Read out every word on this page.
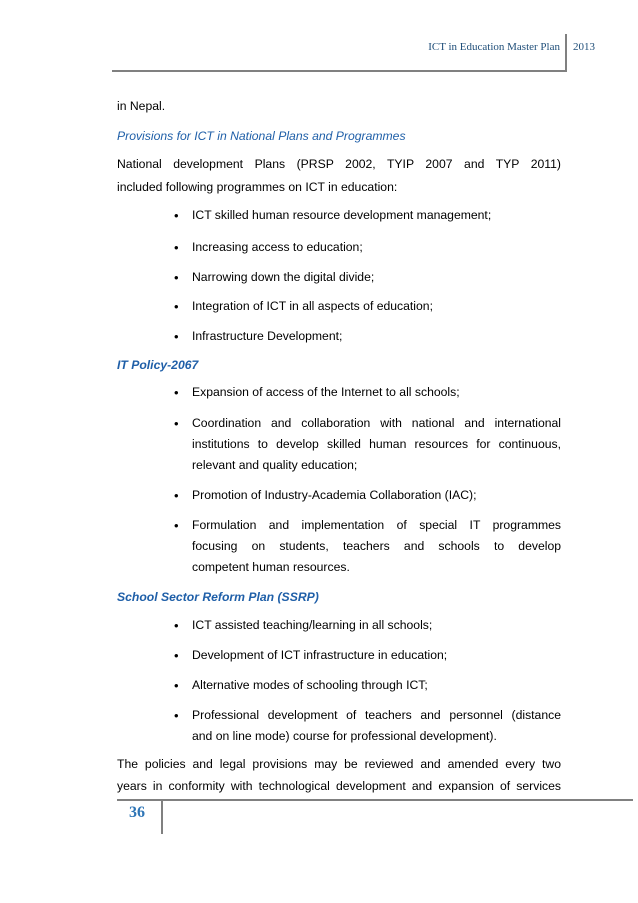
ICT in Education Master Plan 2013
in Nepal.
Provisions for ICT in National Plans and Programmes
National development Plans (PRSP 2002, TYIP 2007 and TYP 2011)
included following programmes on ICT in education:
• ICT skilled human resource development management;
• Increasing access to education;
• Narrowing down the digital divide;
• Integration of ICT in all aspects of education;
• Infrastructure Development;
IT Policy-2067
• Expansion of access of the Internet to all schools;
• Coordination and collaboration with national and international
institutions to develop skilled human resources for continuous,
relevant and quality education;
• Promotion of Industry-Academia Collaboration (IAC);
• Formulation and implementation of special IT programmes
focusing on students, teachers and schools to develop
competent human resources.
School Sector Reform Plan (SSRP)
• ICT assisted teaching/learning in all schools;
• Development of ICT infrastructure in education;
• Alternative modes of schooling through ICT;
• Professional development of teachers and personnel (distance
and on line mode) course for professional development).
The policies and legal provisions may be reviewed and amended every two
years in conformity with technological development and expansion of services
36
